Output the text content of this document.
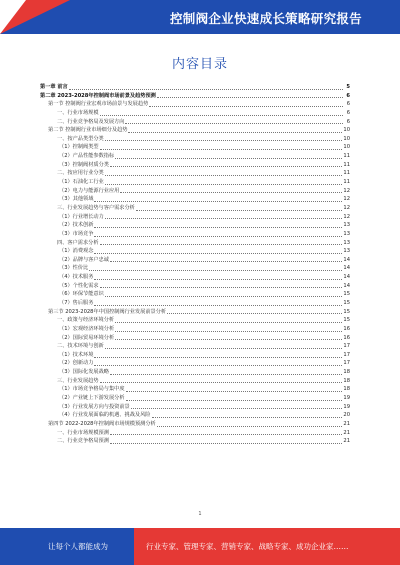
控制阀企业快速成长策略研究报告
内容目录
第一章 前言	5
第二章 2023-2028年控制阀市场前景及趋势预测	6
第一节 控制阀行业宏观市场前景与发展趋势	6
一、行业市场规模	6
二、行业竞争格局及发展方向	6
第二节 控制阀行业市场细分及趋势	10
一、按产品类型分类	10
（1）控制阀类型	10
（2）产品性能参数指标	11
（3）控制阀材质分类	11
二、按应用行业分类	11
（1）石油化工行业	11
（2）电力与能源行业应用	12
（3）其他领域	12
三、行业发展趋势与客户需求分析	12
（1）行业增长动力	12
（2）技术创新	13
（3）市场竞争	13
四、客户需求分析	13
（1）消费观念	13
（2）品牌与客户忠诚	14
（3）性价比	14
（4）技术服务	14
（5）个性化需求	14
（6）环保节能意识	15
（7）售后服务	15
第三节 2023-2028年中国控制阀行业发展前景分析	15
一、政策与经济环境分析	15
（1）宏观经济环境分析	16
（2）国际贸易环境分析	16
二、技术环境与创新	17
（1）技术环境	17
（2）创新动力	17
（3）国际化发展战略	18
三、行业发展趋势	18
（1）市场竞争格局与集中度	18
（2）产业链上下游发展分析	19
（3）行业发展方向与投资前景	19
（4）行业发展面临的机遇、挑战及风险	20
第四节 2022-2028年控制阀市场规模预测分析	21
一、行业市场规模预测	21
二、行业竞争格局预测	21
1
让每个人都能成为	行业专家、管理专家、营销专家、战略专家、成功企业家……
